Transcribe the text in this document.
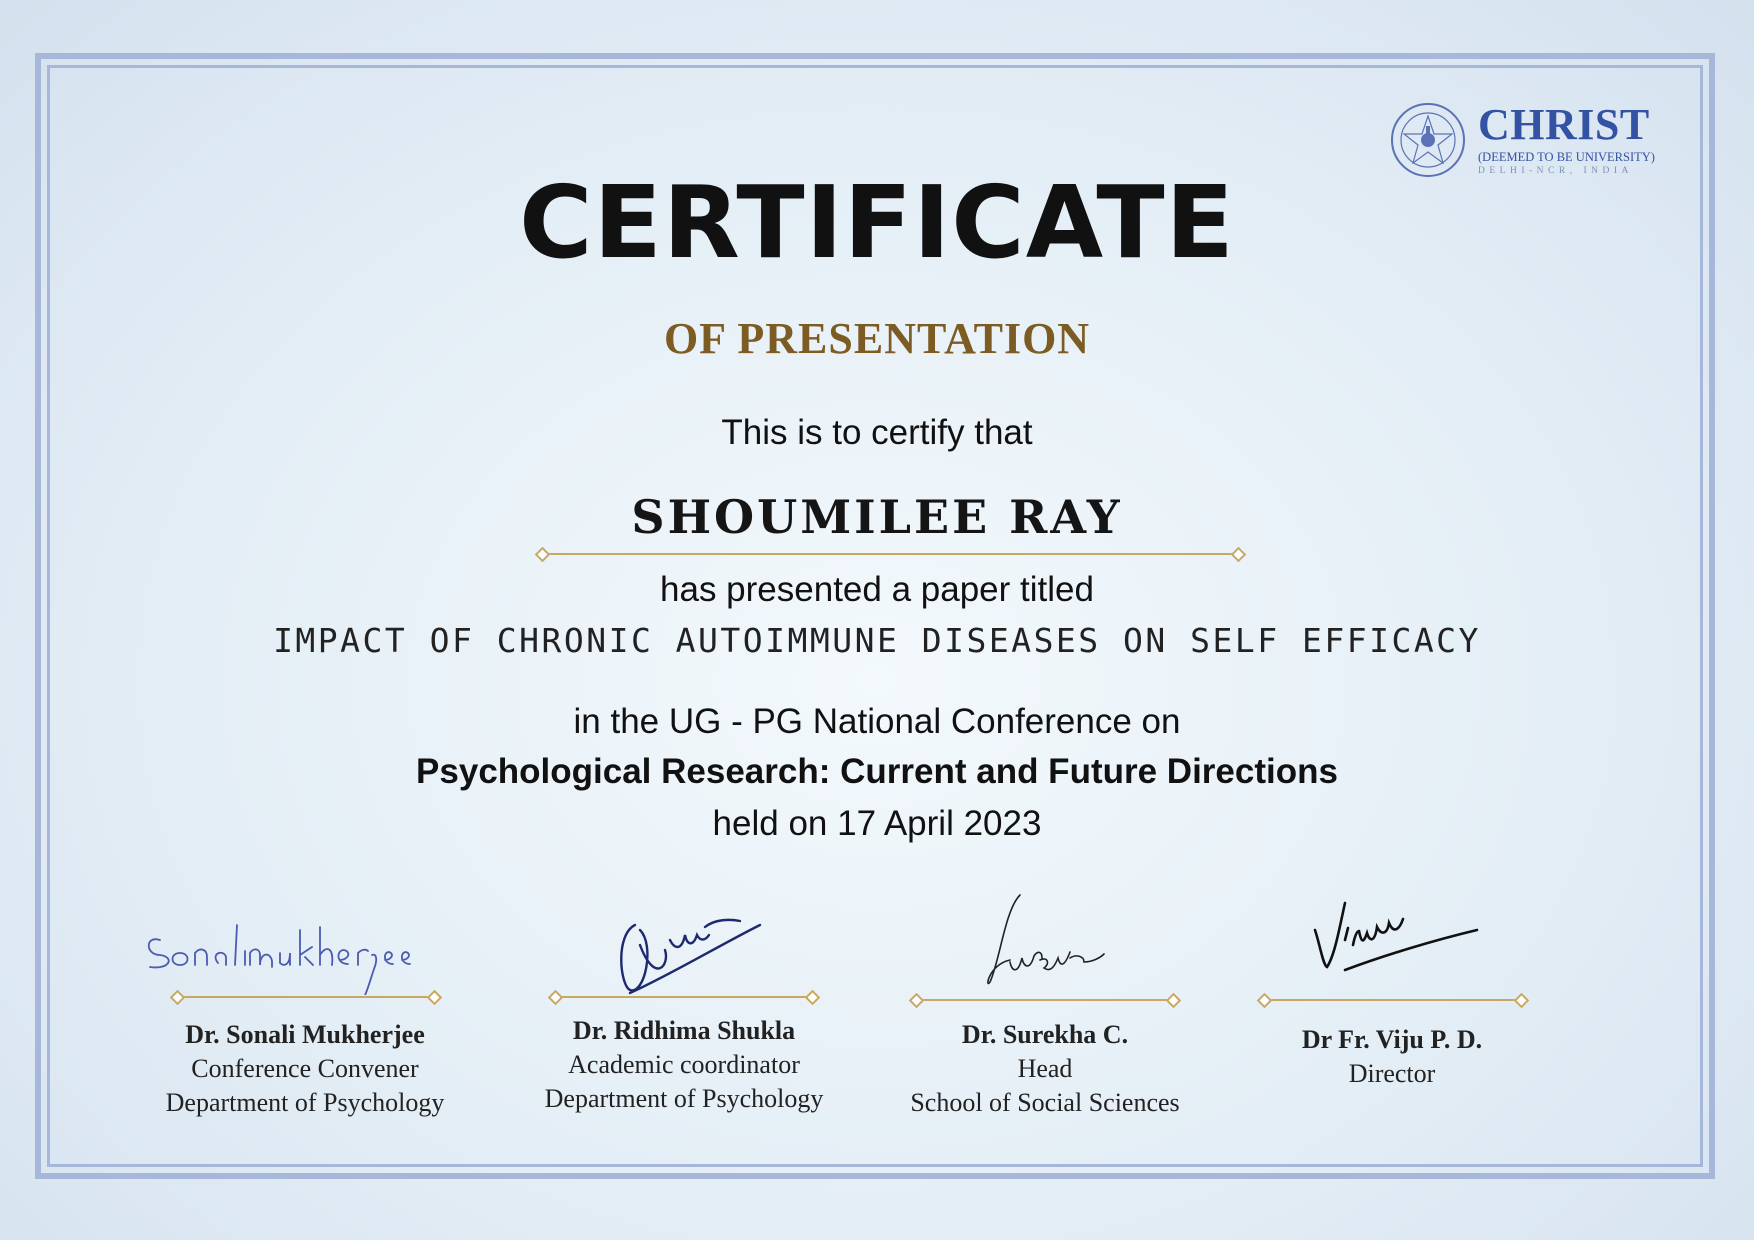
CHRIST
(DEEMED TO BE UNIVERSITY)
DELHI-NCR, INDIA
CERTIFICATE
OF PRESENTATION
This is to certify that
SHOUMILEE RAY
has presented a paper titled
IMPACT OF CHRONIC AUTOIMMUNE DISEASES ON SELF EFFICACY
in the UG - PG National Conference on
Psychological Research: Current and Future Directions
held on 17 April 2023
Dr. Sonali Mukherjee
Conference Convener
Department of Psychology
Dr. Ridhima Shukla
Academic coordinator
Department of Psychology
Dr. Surekha C.
Head
School of Social Sciences
Dr Fr. Viju P. D.
Director
